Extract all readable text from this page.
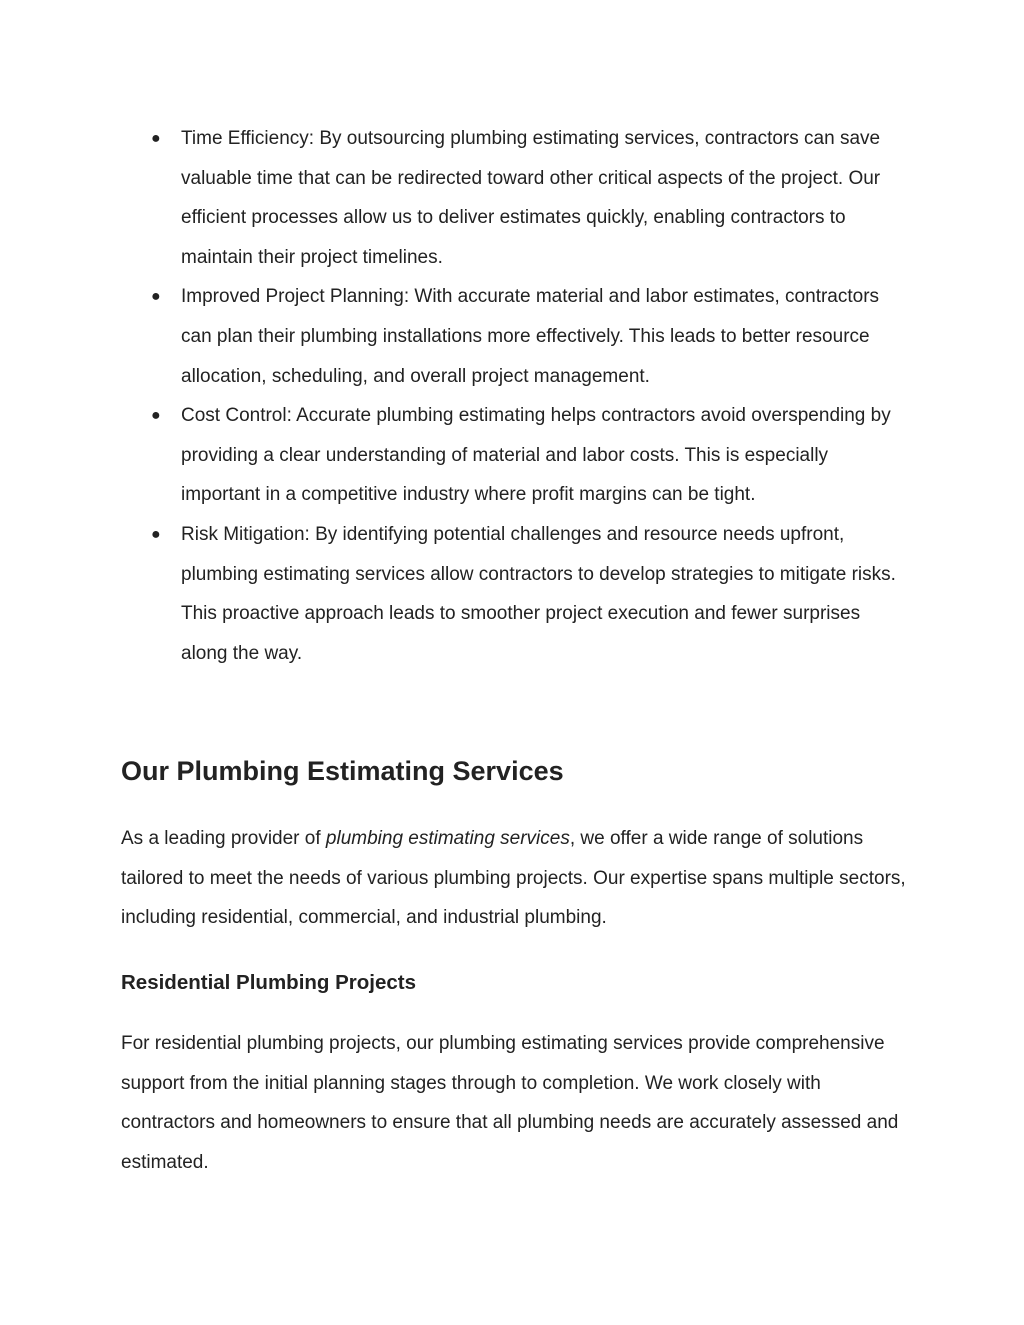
● Time Efficiency: By outsourcing plumbing estimating services, contractors can save valuable time that can be redirected toward other critical aspects of the project. Our efficient processes allow us to deliver estimates quickly, enabling contractors to maintain their project timelines.
● Improved Project Planning: With accurate material and labor estimates, contractors can plan their plumbing installations more effectively. This leads to better resource allocation, scheduling, and overall project management.
● Cost Control: Accurate plumbing estimating helps contractors avoid overspending by providing a clear understanding of material and labor costs. This is especially important in a competitive industry where profit margins can be tight.
● Risk Mitigation: By identifying potential challenges and resource needs upfront, plumbing estimating services allow contractors to develop strategies to mitigate risks. This proactive approach leads to smoother project execution and fewer surprises along the way.
Our Plumbing Estimating Services

As a leading provider of plumbing estimating services, we offer a wide range of solutions tailored to meet the needs of various plumbing projects. Our expertise spans multiple sectors, including residential, commercial, and industrial plumbing.

Residential Plumbing Projects

For residential plumbing projects, our plumbing estimating services provide comprehensive support from the initial planning stages through to completion. We work closely with contractors and homeowners to ensure that all plumbing needs are accurately assessed and estimated.
